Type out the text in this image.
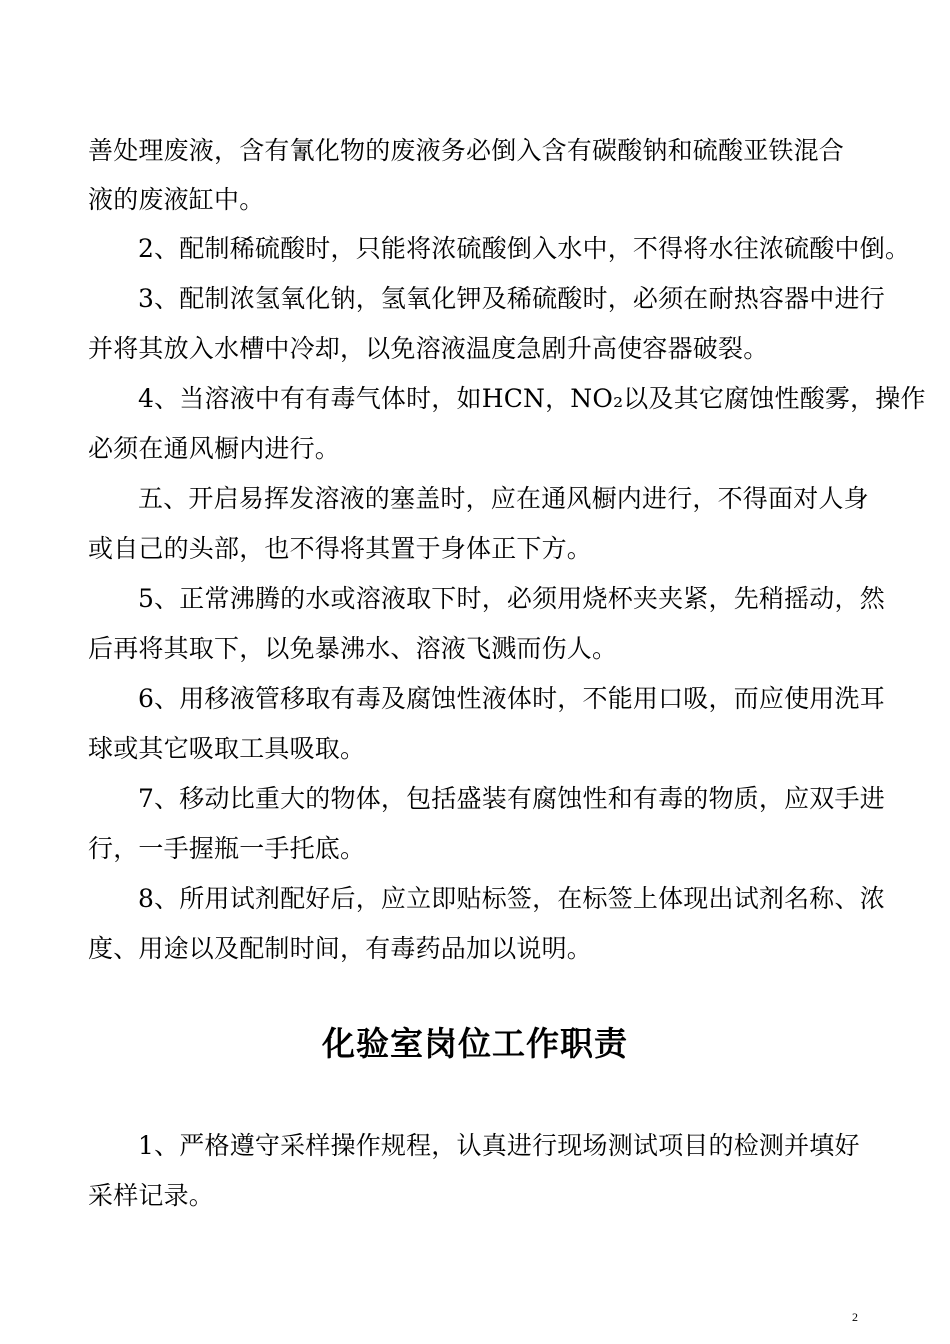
善处理废液，含有氰化物的废液务必倒入含有碳酸钠和硫酸亚铁混合
液的废液缸中。
2、配制稀硫酸时，只能将浓硫酸倒入水中，不得将水往浓硫酸中倒。
3、配制浓氢氧化钠，氢氧化钾及稀硫酸时，必须在耐热容器中进行
并将其放入水槽中冷却，以免溶液温度急剧升高使容器破裂。
4、当溶液中有有毒气体时，如HCN，NO₂以及其它腐蚀性酸雾，操作
必须在通风橱内进行。
五、开启易挥发溶液的塞盖时，应在通风橱内进行，不得面对人身
或自己的头部，也不得将其置于身体正下方。
5、正常沸腾的水或溶液取下时，必须用烧杯夹夹紧，先稍摇动，然
后再将其取下，以免暴沸水、溶液飞溅而伤人。
6、用移液管移取有毒及腐蚀性液体时，不能用口吸，而应使用洗耳
球或其它吸取工具吸取。
7、移动比重大的物体，包括盛装有腐蚀性和有毒的物质，应双手进
行，一手握瓶一手托底。
8、所用试剂配好后，应立即贴标签，在标签上体现出试剂名称、浓
度、用途以及配制时间，有毒药品加以说明。
化验室岗位工作职责
1、严格遵守采样操作规程，认真进行现场测试项目的检测并填好
采样记录。
2
